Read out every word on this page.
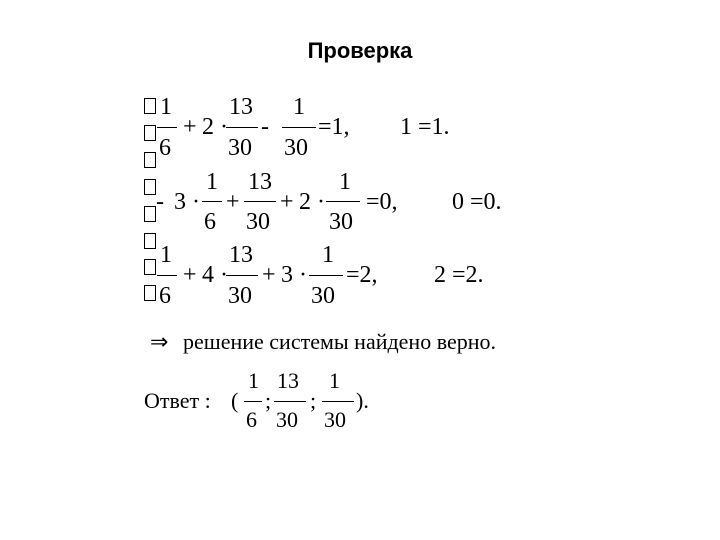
Проверка
1
6
+ 2 ·
13
30
-
1
30
=1, 1 =1.
- 3 ·
1
6
+
13
30
+ 2 ·
1
30
=0, 0 =0.
1
6
+ 4 ·
13
30
+ 3 ·
1
30
=2, 2 =2.
⇒ решение системы найдено верно.
Ответ : (
1
6
;
13
30
;
1
30
).
